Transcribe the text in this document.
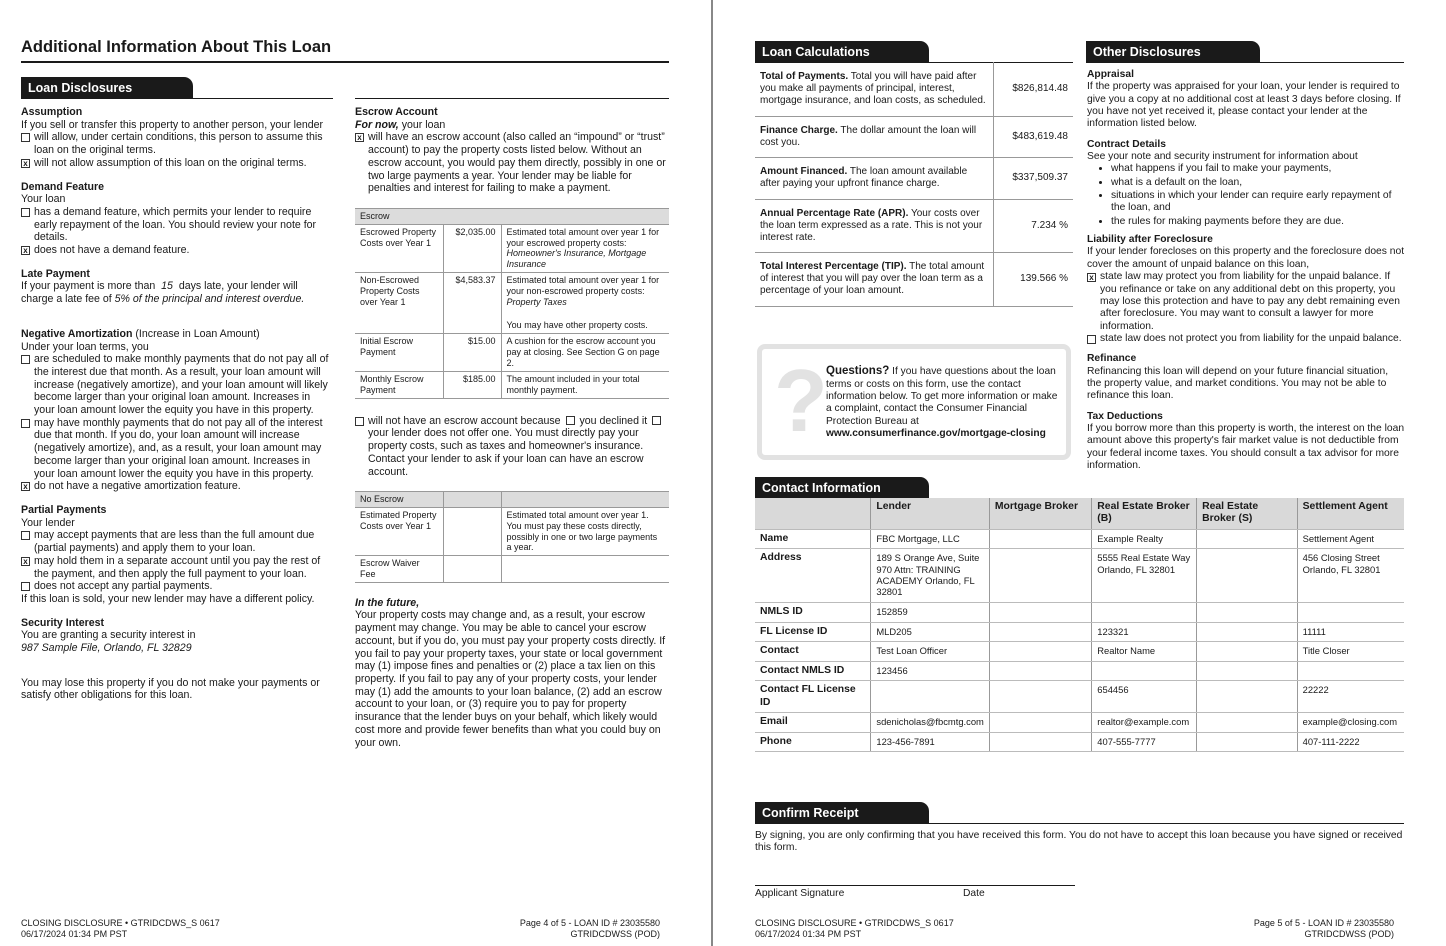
Additional Information About This Loan
Loan Disclosures
Assumption
If you sell or transfer this property to another person, your lender
will allow, under certain conditions, this person to assume this loan on the original terms.
x will not allow assumption of this loan on the original terms.
Demand Feature
Your loan
has a demand feature, which permits your lender to require early repayment of the loan. You should review your note for details.
x does not have a demand feature.
Late Payment
If your payment is more than 15 days late, your lender will charge a late fee of 5% of the principal and interest overdue.
Negative Amortization (Increase in Loan Amount)
Under your loan terms, you
are scheduled to make monthly payments that do not pay all of the interest due that month. As a result, your loan amount will increase (negatively amortize), and your loan amount will likely become larger than your original loan amount. Increases in your loan amount lower the equity you have in this property.
may have monthly payments that do not pay all of the interest due that month. If you do, your loan amount will increase (negatively amortize), and, as a result, your loan amount may become larger than your original loan amount. Increases in your loan amount lower the equity you have in this property.
x do not have a negative amortization feature.
Partial Payments
Your lender
may accept payments that are less than the full amount due (partial payments) and apply them to your loan.
x may hold them in a separate account until you pay the rest of the payment, and then apply the full payment to your loan.
does not accept any partial payments.
If this loan is sold, your new lender may have a different policy.
Security Interest
You are granting a security interest in
987 Sample File, Orlando, FL 32829
You may lose this property if you do not make your payments or satisfy other obligations for this loan.
Escrow Account
For now, your loan
x will have an escrow account (also called an “impound” or “trust” account) to pay the property costs listed below. Without an escrow account, you would pay them directly, possibly in one or two large payments a year. Your lender may be liable for penalties and interest for failing to make a payment.
Escrow		
Escrowed Property Costs over Year 1	$2,035.00	Estimated total amount over year 1 for your escrowed property costs:
Homeowner's Insurance, Mortgage Insurance
Non-Escrowed Property Costs over Year 1	$4,583.37	Estimated total amount over year 1 for your non-escrowed property costs:
Property Taxes
You may have other property costs.

Initial Escrow Payment	$15.00	A cushion for the escrow account you pay at closing. See Section G on page 2.
Monthly Escrow Payment	$185.00	The amount included in your total monthly payment.
will not have an escrow account because you declined it  your lender does not offer one. You must directly pay your property costs, such as taxes and homeowner's insurance. Contact your lender to ask if your loan can have an escrow account.
No Escrow		
Estimated Property Costs over Year 1		Estimated total amount over year 1. You must pay these costs directly, possibly in one or two large payments a year.
Escrow Waiver Fee		
In the future,
Your property costs may change and, as a result, your escrow payment may change. You may be able to cancel your escrow account, but if you do, you must pay your property costs directly. If you fail to pay your property taxes, your state or local government may (1) impose fines and penalties or (2) place a tax lien on this property. If you fail to pay any of your property costs, your lender may (1) add the amounts to your loan balance, (2) add an escrow account to your loan, or (3) require you to pay for property insurance that the lender buys on your behalf, which likely would cost more and provide fewer benefits than what you could buy on your own.
CLOSING DISCLOSURE • GTRIDCDWS_S 0617
06/17/2024 01:34 PM PST
Page 4 of 5 - LOAN ID # 23035580
GTRIDCDWSS (POD)
Loan Calculations
Total of Payments. Total you will have paid after you make all payments of principal, interest, mortgage insurance, and loan costs, as scheduled.	$826,814.48
Finance Charge. The dollar amount the loan will cost you.	$483,619.48
Amount Financed. The loan amount available after paying your upfront finance charge.	$337,509.37
Annual Percentage Rate (APR). Your costs over the loan term expressed as a rate. This is not your interest rate.	7.234 %
Total Interest Percentage (TIP). The total amount of interest that you will pay over the loan term as a percentage of your loan amount.	139.566 %
?
Questions? If you have questions about the loan terms or costs on this form, use the contact information below. To get more information or make a complaint, contact the Consumer Financial Protection Bureau at
www.consumerfinance.gov/mortgage-closing
Other Disclosures
Appraisal
If the property was appraised for your loan, your lender is required to give you a copy at no additional cost at least 3 days before closing. If you have not yet received it, please contact your lender at the information listed below.
Contract Details
See your note and security instrument for information about
• what happens if you fail to make your payments,
• what is a default on the loan,
• situations in which your lender can require early repayment of the loan, and
• the rules for making payments before they are due.
Liability after Foreclosure
If your lender forecloses on this property and the foreclosure does not cover the amount of unpaid balance on this loan,
x state law may protect you from liability for the unpaid balance. If you refinance or take on any additional debt on this property, you may lose this protection and have to pay any debt remaining even after foreclosure. You may want to consult a lawyer for more information.
state law does not protect you from liability for the unpaid balance.
Refinance
Refinancing this loan will depend on your future financial situation, the property value, and market conditions. You may not be able to refinance this loan.
Tax Deductions
If you borrow more than this property is worth, the interest on the loan amount above this property's fair market value is not deductible from your federal income taxes. You should consult a tax advisor for more information.
Contact Information
	Lender	Mortgage Broker	Real Estate Broker (B)	Real Estate Broker (S)	Settlement Agent
Name	FBC Mortgage, LLC		Example Realty		Settlement Agent
Address	189 S Orange Ave, Suite 970 Attn: TRAINING ACADEMY Orlando, FL 32801		5555 Real Estate Way Orlando, FL 32801		456 Closing Street Orlando, FL 32801
NMLS ID	152859				
FL License ID	MLD205		123321		11111
Contact	Test Loan Officer		Realtor Name		Title Closer
Contact NMLS ID	123456				
Contact FL License ID			654456		22222
Email	sdenicholas@fbcmtg.com		realtor@example.com		example@closing.com
Phone	123-456-7891		407-555-7777		407-111-2222
Confirm Receipt
By signing, you are only confirming that you have received this form. You do not have to accept this loan because you have signed or received this form.
Applicant Signature	Date
CLOSING DISCLOSURE • GTRIDCDWS_S 0617
06/17/2024 01:34 PM PST
Page 5 of 5 - LOAN ID # 23035580
GTRIDCDWSS (POD)
